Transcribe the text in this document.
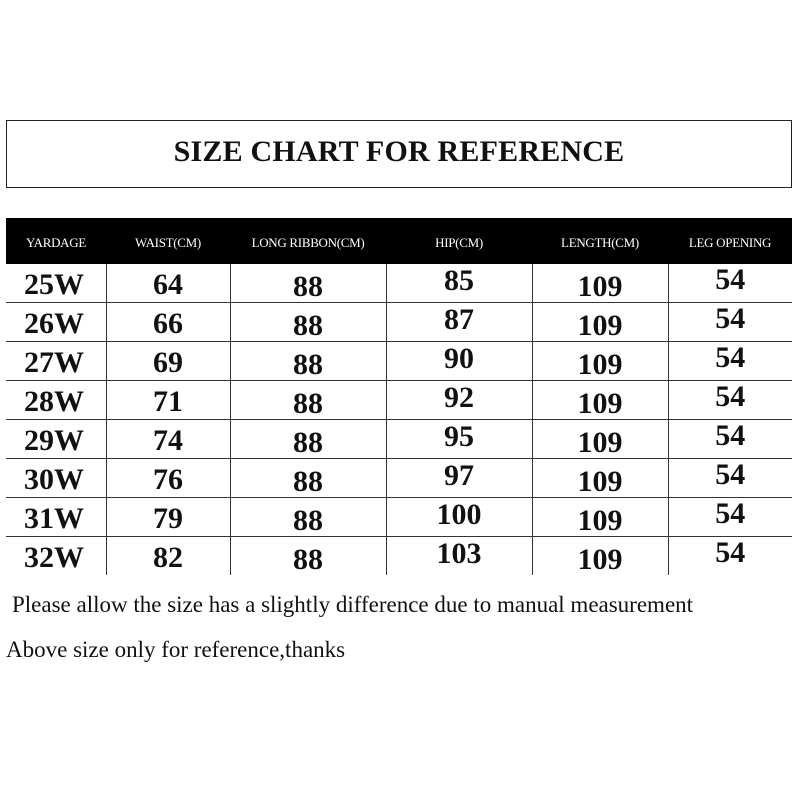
SIZE CHART FOR REFERENCE
YARDAGE	WAIST(CM)	LONG RIBBON(CM)	HIP(CM)	LENGTH(CM)	LEG OPENING
25W	64	88	85	109	54
26W	66	88	87	109	54
27W	69	88	90	109	54
28W	71	88	92	109	54
29W	74	88	95	109	54
30W	76	88	97	109	54
31W	79	88	100	109	54
32W	82	88	103	109	54
Please allow the size has a slightly difference due to manual measurement
Above size only for reference,thanks
